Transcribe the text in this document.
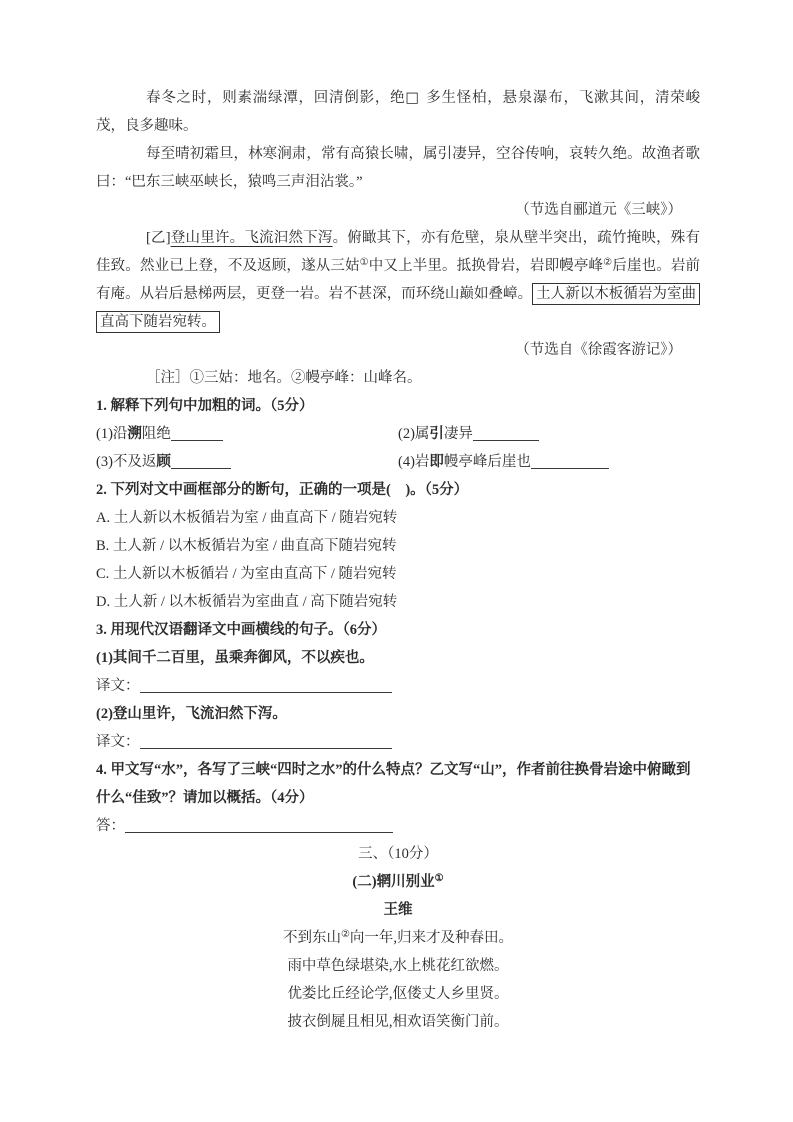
春冬之时，则素湍绿潭，回清倒影，绝□ 多生怪柏，悬泉瀑布，飞漱其间，清荣峻茂，良多趣味。

每至晴初霜旦，林寒涧肃，常有高猿长啸，属引凄异，空谷传响，哀转久绝。故渔者歌曰：“巴东三峡巫峡长，猿鸣三声泪沾裳。”

（节选自郦道元《三峡》）

[乙]登山里许。飞流汩然下泻。俯瞰其下，亦有危壁，泉从壁半突出，疏竹掩映，殊有佳致。然业已上登，不及返顾，遂从三姑①中又上半里。抵换骨岩，岩即幔亭峰②后崖也。岩前有庵。从岩后悬梯两层，更登一岩。岩不甚深，而环绕山巅如叠嶂。 土人新以木板循岩为室曲直高下随岩宛转。

（节选自《徐霞客游记》）

［注］①三姑：地名。②幔亭峰：山峰名。

1. 解释下列句中加粗的词。（5分）

(1)沿溯阻绝	(2)属引凄异

(3)不及返顾	(4)岩即幔亭峰后崖也

2. 下列对文中画框部分的断句，正确的一项是(　)。（5分）

A. 土人新以木板循岩为室 / 曲直高下 / 随岩宛转

B. 土人新 / 以木板循岩为室 / 曲直高下随岩宛转

C. 土人新以木板循岩 / 为室由直高下 / 随岩宛转

D. 土人新 / 以木板循岩为室曲直 / 高下随岩宛转

3. 用现代汉语翻译文中画横线的句子。（6分）

(1)其间千二百里，虽乘奔御风，不以疾也。

译文：

(2)登山里许，飞流汩然下泻。

译文：

4. 甲文写“水”，各写了三峡“四时之水”的什么特点？乙文写“山”，作者前往换骨岩途中俯瞰到什么“佳致”？请加以概括。（4分）

答：

三、（10分）

(二)辋川别业①

王维

不到东山②向一年,归来才及种春田。

雨中草色绿堪染,水上桃花红欲燃。

优娄比丘经论学,伛偻丈人乡里贤。

披衣倒屣且相见,相欢语笑衡门前。
